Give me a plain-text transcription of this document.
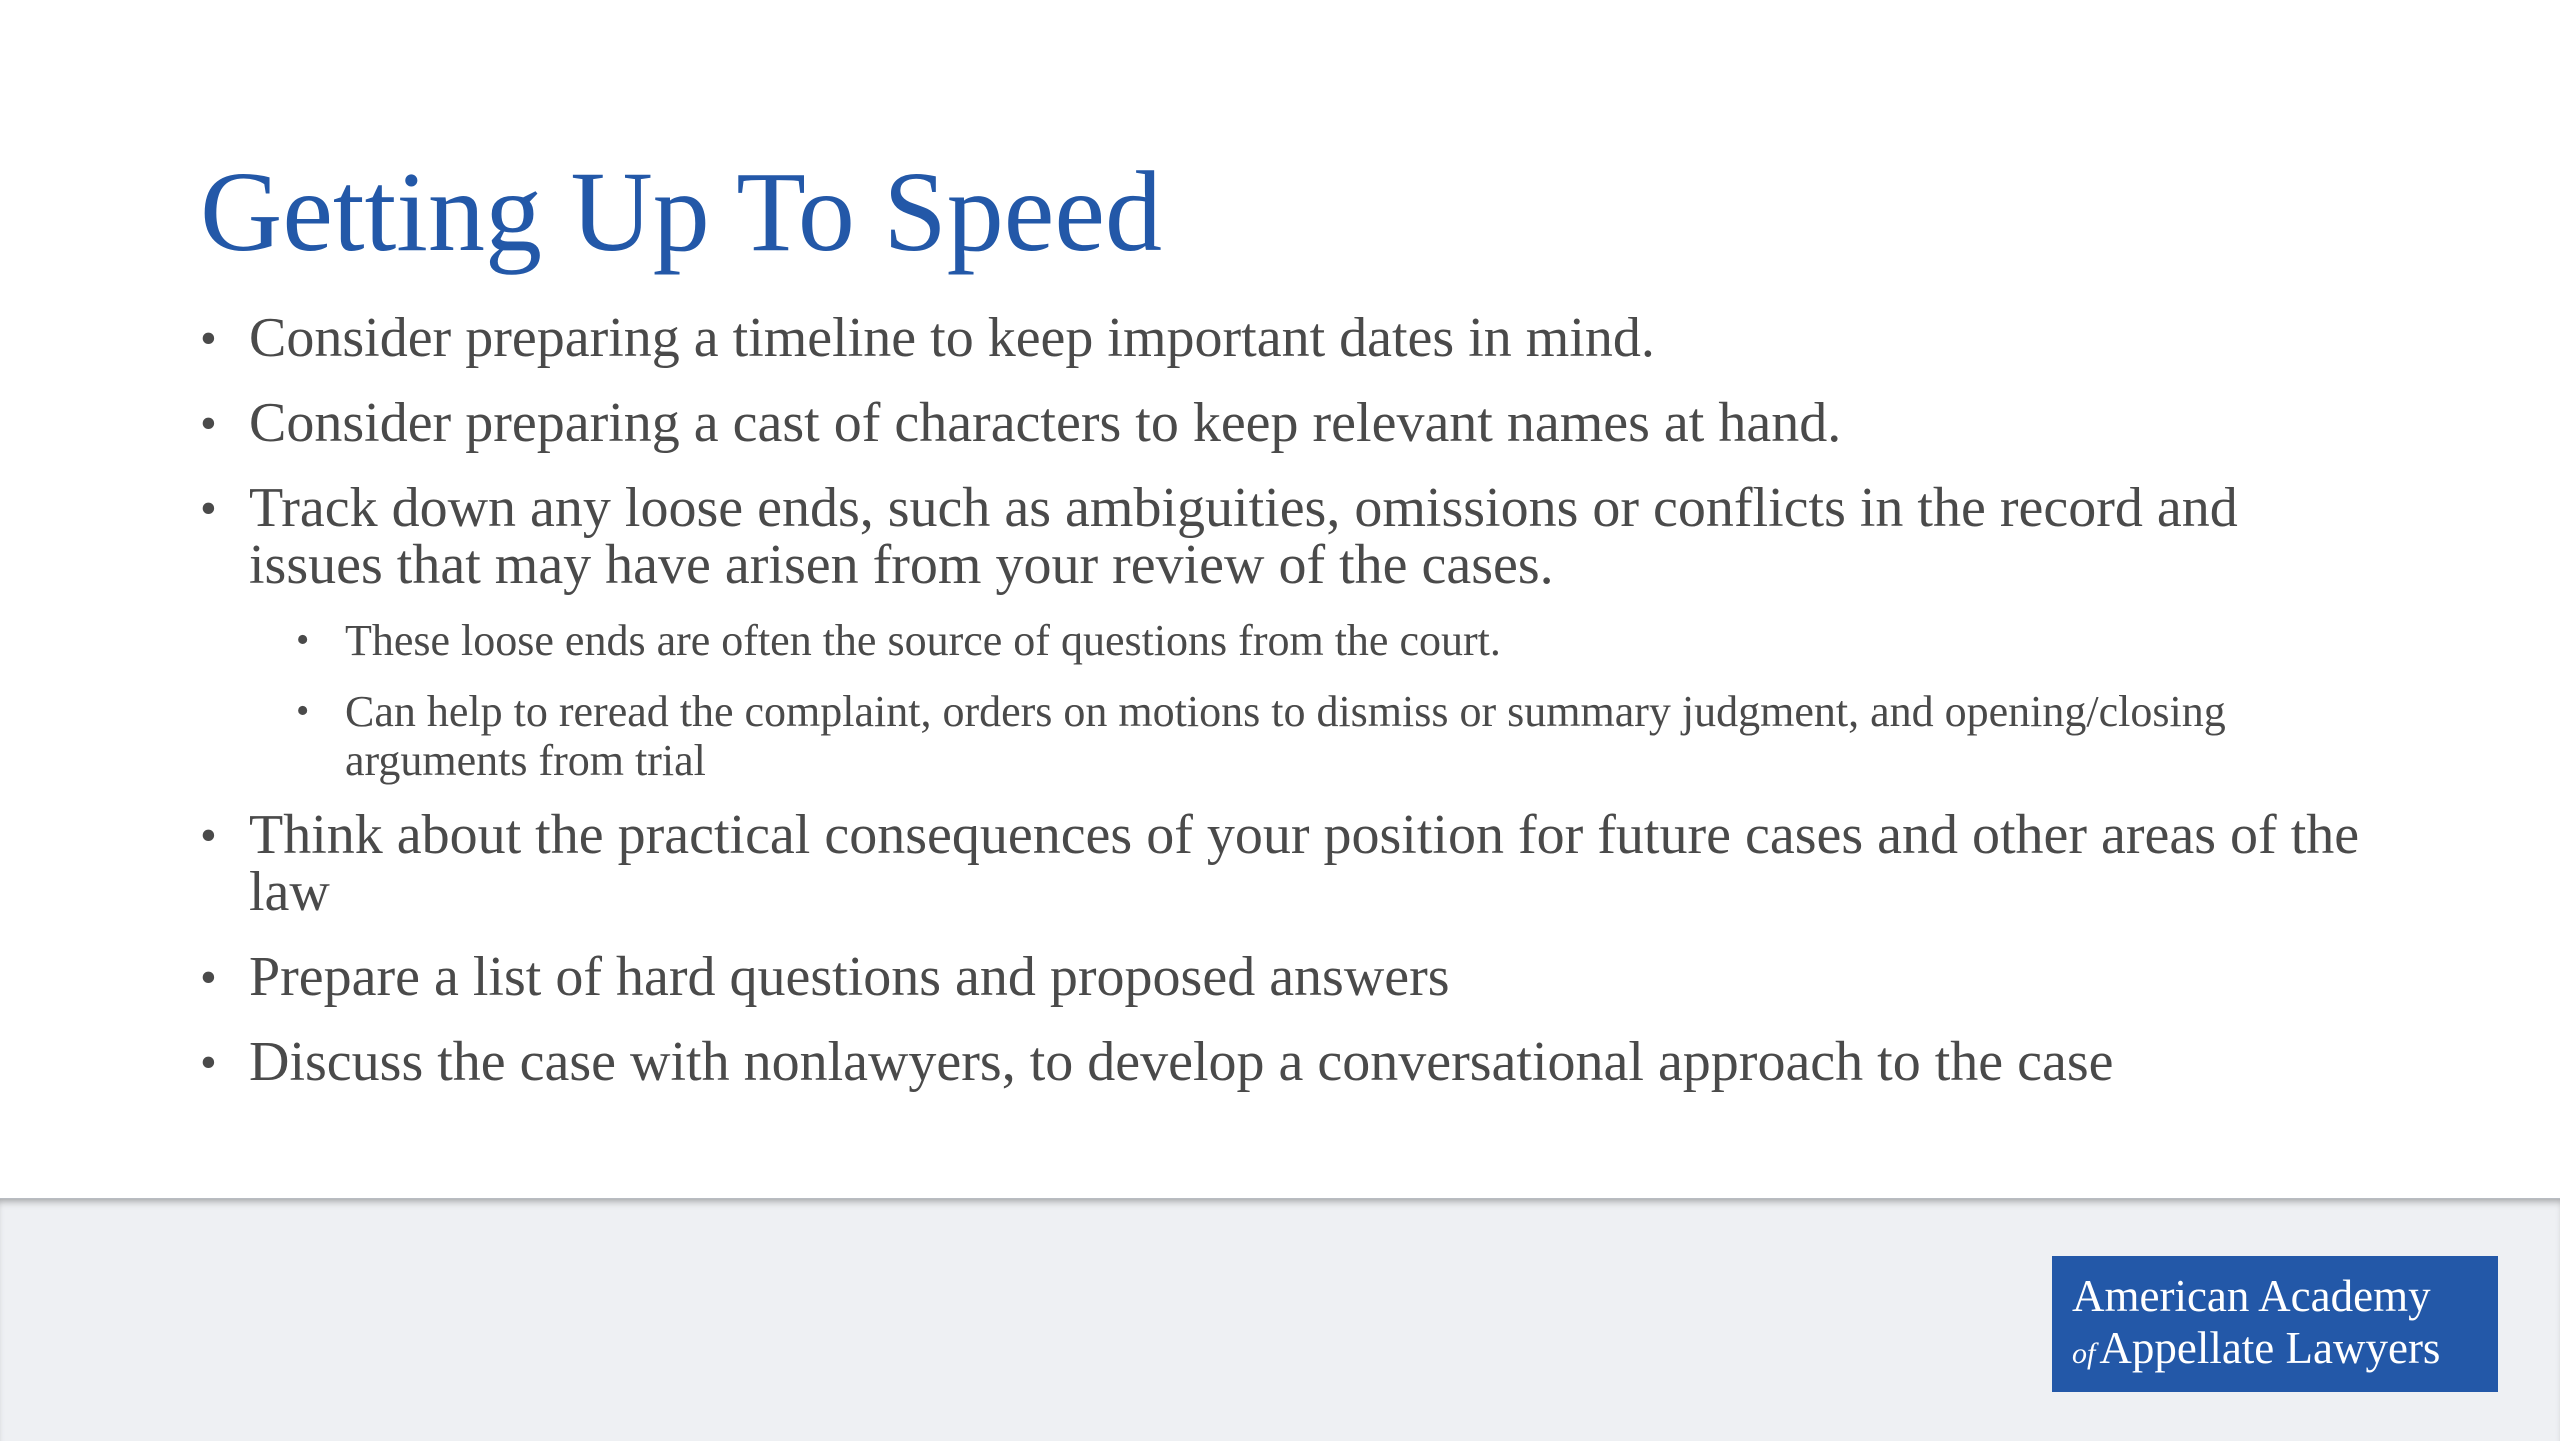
Getting Up To Speed
• Consider preparing a timeline to keep important dates in mind.
• Consider preparing a cast of characters to keep relevant names at hand.
• Track down any loose ends, such as ambiguities, omissions or conflicts in the record and issues that may have arisen from your review of the cases.
• These loose ends are often the source of questions from the court.
• Can help to reread the complaint, orders on motions to dismiss or summary judgment, and opening/closing arguments from trial
• Think about the practical consequences of your position for future cases and other areas of the law
• Prepare a list of hard questions and proposed answers
• Discuss the case with nonlawyers, to develop a conversational approach to the case
American Academy
ofAppellate Lawyers
